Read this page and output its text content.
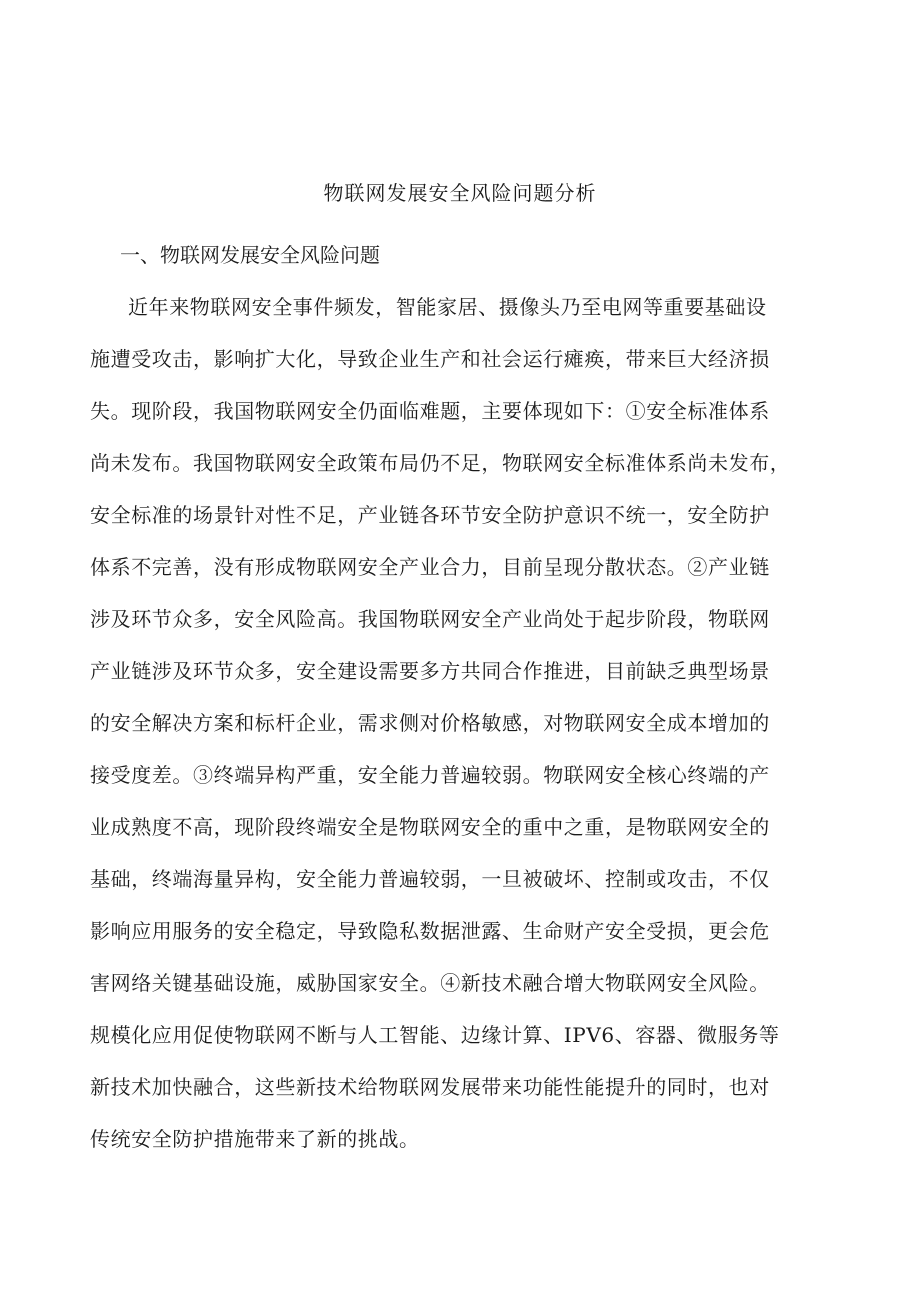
物联网发展安全风险问题分析
一、物联网发展安全风险问题
近年来物联网安全事件频发，智能家居、摄像头乃至电网等重要基础设
施遭受攻击，影响扩大化，导致企业生产和社会运行瘫痪，带来巨大经济损
失。现阶段，我国物联网安全仍面临难题，主要体现如下：①安全标准体系
尚未发布。我国物联网安全政策布局仍不足，物联网安全标准体系尚未发布，
安全标准的场景针对性不足，产业链各环节安全防护意识不统一，安全防护
体系不完善，没有形成物联网安全产业合力，目前呈现分散状态。②产业链
涉及环节众多，安全风险高。我国物联网安全产业尚处于起步阶段，物联网
产业链涉及环节众多，安全建设需要多方共同合作推进，目前缺乏典型场景
的安全解决方案和标杆企业，需求侧对价格敏感，对物联网安全成本增加的
接受度差。③终端异构严重，安全能力普遍较弱。物联网安全核心终端的产
业成熟度不高，现阶段终端安全是物联网安全的重中之重，是物联网安全的
基础，终端海量异构，安全能力普遍较弱，一旦被破坏、控制或攻击，不仅
影响应用服务的安全稳定，导致隐私数据泄露、生命财产安全受损，更会危
害网络关键基础设施，威胁国家安全。④新技术融合增大物联网安全风险。
规模化应用促使物联网不断与人工智能、边缘计算、IPV6、容器、微服务等
新技术加快融合，这些新技术给物联网发展带来功能性能提升的同时，也对
传统安全防护措施带来了新的挑战。
